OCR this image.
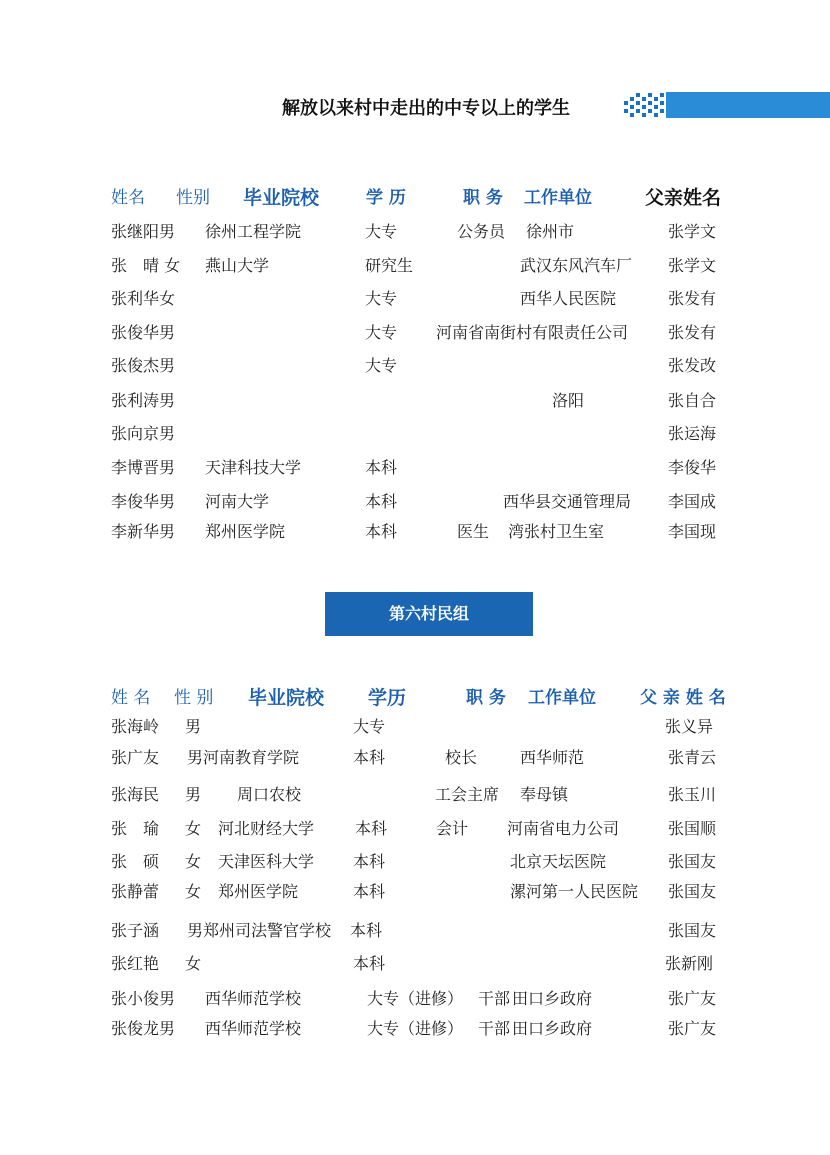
解放以来村中走出的中专以上的学生
姓名 性别 毕业院校	学 历	职 务 工作单位	父亲姓名
张继阳男 徐州工程学院	大专	公务员 徐州市	张学文
张　晴 女 燕山大学	研究生	武汉东风汽车厂 张学文
张利华女	大专	西华人民医院	张发有
张俊华男	大专 河南省南街村有限责任公司 张发有
张俊杰男	大专	张发改
张利涛男	洛阳	张自合
张向京男	张运海
李博晋男 天津科技大学	本科	李俊华
李俊华男 河南大学	本科	西华县交通管理局 李国成
李新华男 郑州医学院	本科	医生 湾张村卫生室	李国现
第六村民组
姓 名 性 别 毕业院校 学历	职 务 工作单位	父 亲 姓 名
张海岭 男	大专	张义异
张广友 男 河南教育学院	本科	校长	西华师范	张青云
张海民 男 周口农校	工会主席 奉母镇	张玉川
张　瑜 女 河北财经大学	本科	会计 河南省电力公司	张国顺
张　硕 女 天津医科大学 本科	北京天坛医院	张国友
张静蕾 女 郑州医学院	本科	漯河第一人民医院 张国友
张子涵 男 郑州司法警官学校 本科	张国友
张红艳 女	本科	张新刚
张小俊男 西华师范学校	大专（进修） 干部 田口乡政府	张广友
张俊龙男 西华师范学校	大专（进修） 干部 田口乡政府	张广友
